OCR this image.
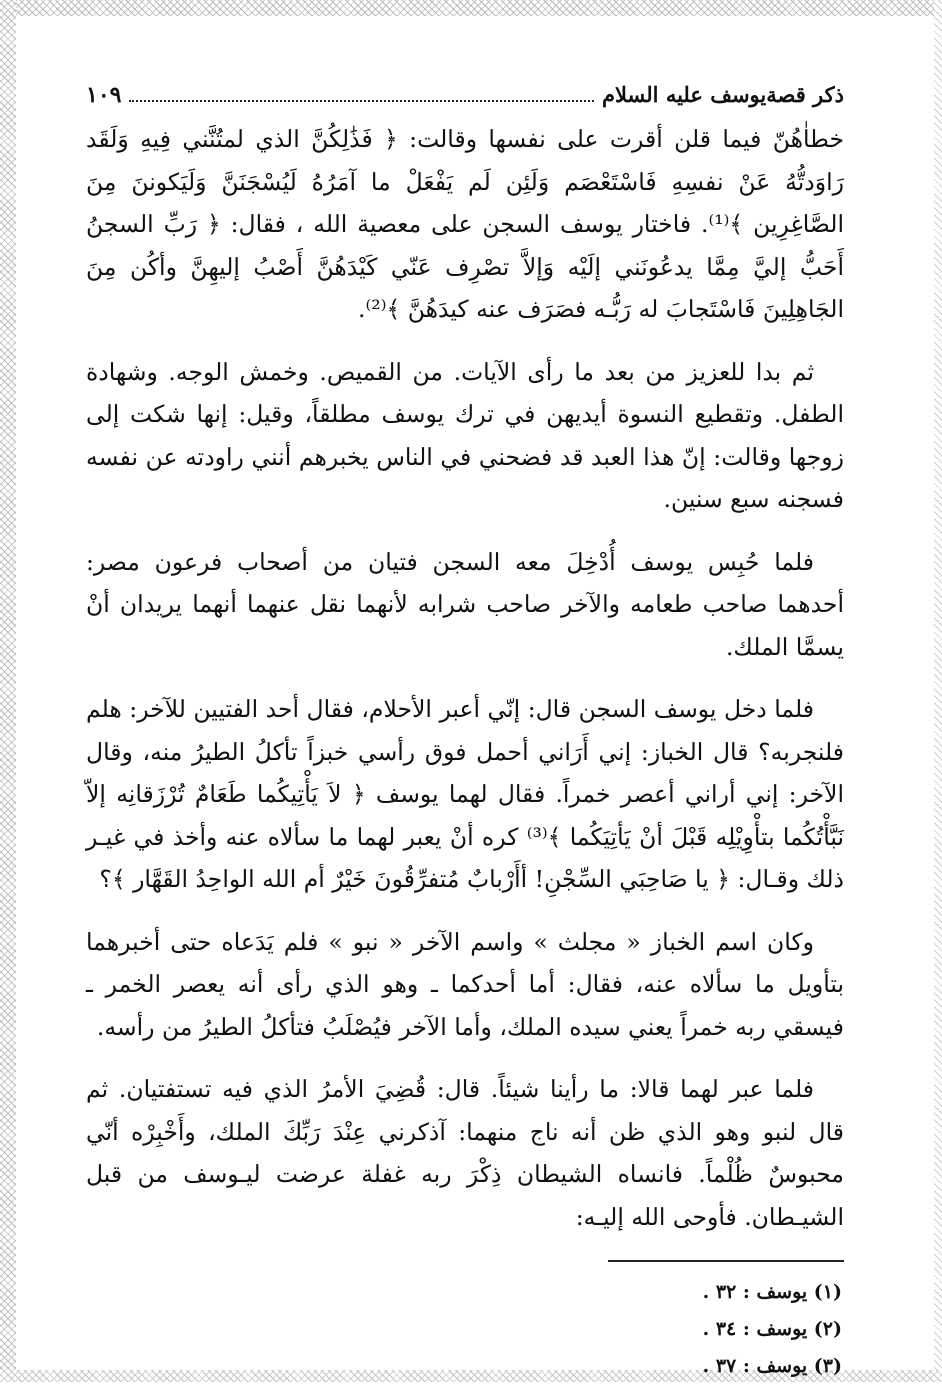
ذكر قصةيوسف عليه السلام
١٠٩

خطاٰهُنّ فيما قلن أقرت على نفسها وقالت: ﴿ فَذَٰلِكُنَّ الذي لمتُنَّني فِيهِ وَلَقَد رَاوَدتُّهُ عَنْ نفسِهِ فَاسْتَعْصَم وَلَئِن لَم يَفْعَلْ ما آمَرُهُ لَيُسْجَنَنَّ وَلَيَكوننَ مِنَ الصَّاغِرِين ﴾⁽¹⁾. فاختار يوسف السجن على معصية الله ، فقال: ﴿ رَبِّ السجنُ أَحَبُّ إليَّ مِمَّا يدعُونَني إلَيْه وَإلاَّ تصْرِف عَنّي كَيْدَهُنَّ أَصْبُ إليهِنَّ وأكُن مِنَ الجَاهِلِينَ فَاسْتَجابَ له رَبُّـه فصَرَف عنه كيدَهُنَّ ﴾⁽²⁾.

ثم بدا للعزيز من بعد ما رأى الآيات. من القميص. وخمش الوجه. وشهادة الطفل. وتقطيع النسوة أيديهن في ترك يوسف مطلقاً، وقيل: إنها شكت إلى زوجها وقالت: إنّ هذا العبد قد فضحني في الناس يخبرهم أنني راودته عن نفسه فسجنه سبع سنين.

فلما حُبِس يوسف أُدْخِلَ معه السجن فتيان من أصحاب فرعون مصر: أحدهما صاحب طعامه والآخر صاحب شرابه لأنهما نقل عنهما أنهما يريدان أنْ يسمَّا الملك.

فلما دخل يوسف السجن قال: إنّي أعبر الأحلام، فقال أحد الفتيين للآخر: هلم فلنجربه؟ قال الخباز: إني أَرَاني أحمل فوق رأسي خبزاً تأكلُ الطيرُ منه، وقال الآخر: إني أراني أعصر خمراً. فقال لهما يوسف ﴿ لاَ يَأْتِيكُما طَعَامٌ تُرْزَقانِه إلاّ نَبَّأْتُكُما بتأْوِيْلِه قَبْلَ أنْ يَأتِيَكُما ﴾⁽³⁾ كره أنْ يعبر لهما ما سألاه عنه وأخذ في غيـر ذلك وقـال: ﴿ يا صَاحِبَي السِّجْنِ! أأَرْبابٌ مُتفرِّقُونَ خَيْرٌ أم الله الواحِدُ القَهَّار ﴾؟

وكان اسم الخباز « مجلث » واسم الآخر « نبو » فلم يَدَعاه حتى أخبرهما بتأويل ما سألاه عنه، فقال: أما أحدكما ـ وهو الذي رأى أنه يعصر الخمر ـ فيسقي ربه خمراً يعني سيده الملك، وأما الآخر فيُصْلَبُ فتأكلُ الطيرُ من رأسه.

فلما عبر لهما قالا: ما رأينا شيئاً. قال: قُضِيَ الأمرُ الذي فيه تستفتيان. ثم قال لنبو وهو الذي ظن أنه ناج منهما: آذكرني عِنْدَ رَبِّكَ الملك، وأَخْبِرْه أنّي محبوسٌ ظُلْماً. فانساه الشيطان ذِكْرَ ربه غفلة عرضت ليـوسف من قبل الشيـطان. فأوحى الله إليـه:

(١) يوسف : ٣٢ .
(٢) يوسف : ٣٤ .
(٣) يوسف : ٣٧ .
